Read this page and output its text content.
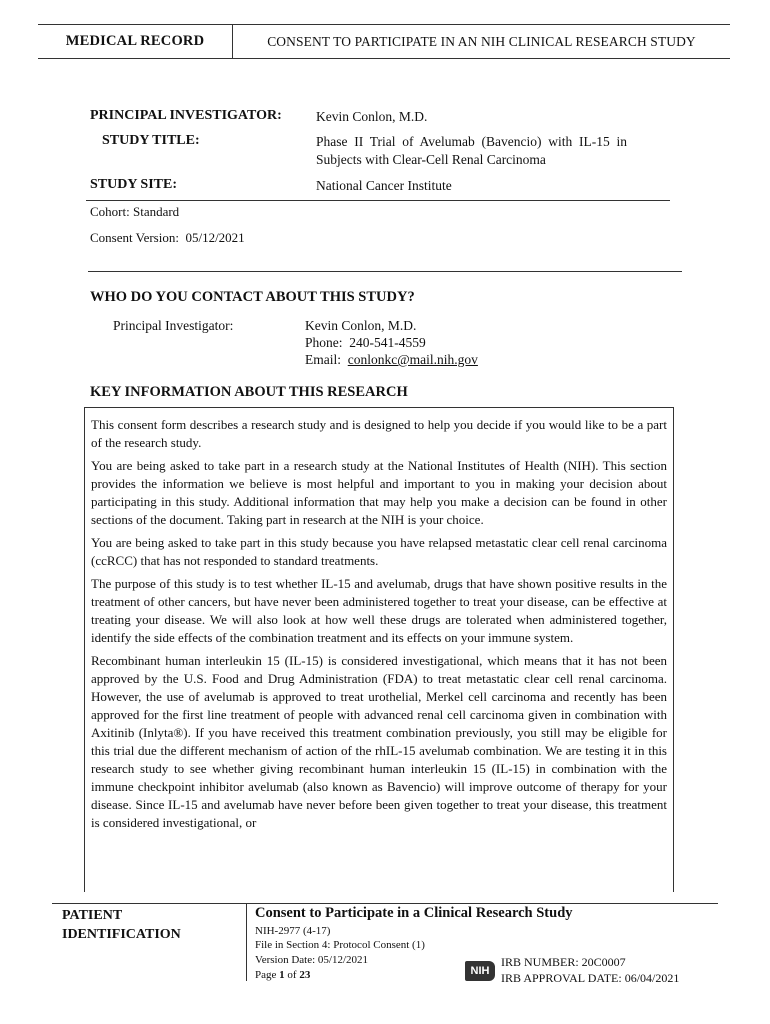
MEDICAL RECORD	CONSENT TO PARTICIPATE IN AN NIH CLINICAL RESEARCH STUDY
PRINCIPAL INVESTIGATOR:	Kevin Conlon, M.D.
STUDY TITLE:	Phase  II  Trial  of  Avelumab  (Bavencio)  with  IL-15  in
Subjects with Clear-Cell Renal Carcinoma
STUDY SITE:	National Cancer Institute
Cohort: Standard
Consent Version:  05/12/2021
WHO DO YOU CONTACT ABOUT THIS STUDY?
Principal Investigator:	Kevin Conlon, M.D.
Phone:  240-541-4559
Email: conlonkc@mail.nih.gov
KEY INFORMATION ABOUT THIS RESEARCH

This consent form describes a research study and is designed to help you decide if you would like to be a part of the research study.

You are being asked to take part in a research study at the National Institutes of Health (NIH). This section provides the information we believe is most helpful and important to you in making your decision about participating in this study. Additional information that may help you make a decision can be found in other sections of the document. Taking part in research at the NIH is your choice.

You are being asked to take part in this study because you have relapsed metastatic clear cell renal carcinoma (ccRCC) that has not responded to standard treatments.

The purpose of this study is to test whether IL-15 and avelumab, drugs that have shown positive results in the treatment of other cancers, but have never been administered together to treat your disease, can be effective at treating your disease. We will also look at how well these drugs are tolerated when administered together, identify the side effects of the combination treatment and its effects on your immune system.

Recombinant human interleukin 15 (IL-15) is considered investigational, which means that it has not been approved by the U.S. Food and Drug Administration (FDA) to treat metastatic clear cell renal carcinoma. However, the use of avelumab is approved to treat urothelial, Merkel cell carcinoma and recently has been approved for the first line treatment of people with advanced renal cell carcinoma given in combination with Axitinib (Inlyta®). If you have received this treatment combination previously, you still may be eligible for this trial due the different mechanism of action of the rhIL-15 avelumab combination. We are testing it in this research study to see whether giving recombinant human interleukin 15 (IL-15) in combination with the immune checkpoint inhibitor avelumab (also known as Bavencio) will improve outcome of therapy for your disease. Since IL-15 and avelumab have never before been given together to treat your disease, this treatment is considered investigational, or

PATIENT
IDENTIFICATION
Consent to Participate in a Clinical Research Study
NIH-2977 (4-17)
File in Section 4: Protocol Consent (1)
Version Date: 05/12/2021
Page 1 of 23	NIH
IRB NUMBER: 20C0007
IRB APPROVAL DATE: 06/04/2021
